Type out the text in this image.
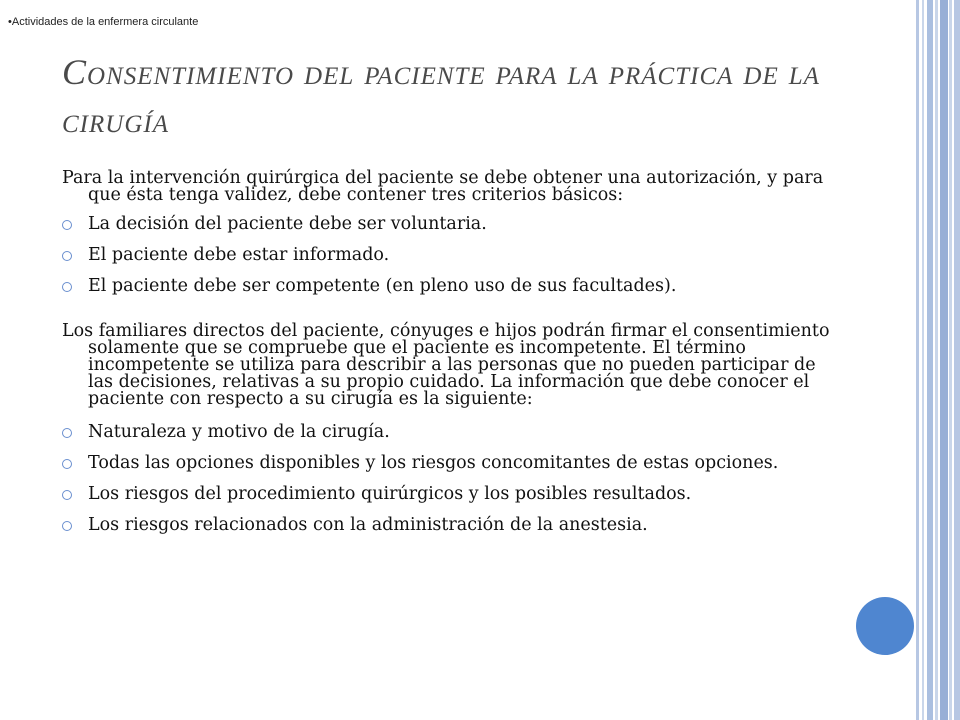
•Actividades de la enfermera circulante
Consentimiento del paciente para la práctica de la cirugía

Para la intervención quirúrgica del paciente se debe obtener una autorización, y para que ésta tenga validez, debe contener tres criterios básicos:

La decisión del paciente debe ser voluntaria.
El paciente debe estar informado.
El paciente debe ser competente (en pleno uso de sus facultades).

Los familiares directos del paciente, cónyuges e hijos podrán firmar el consentimiento solamente que se compruebe que el paciente es incompetente. El término incompetente se utiliza para describir a las personas que no pueden participar de las decisiones, relativas a su propio cuidado. La información que debe conocer el paciente con respecto a su cirugía es la siguiente:

Naturaleza y motivo de la cirugía.
Todas las opciones disponibles y los riesgos concomitantes de estas opciones.
Los riesgos del procedimiento quirúrgicos y los posibles resultados.
Los riesgos relacionados con la administración de la anestesia.
